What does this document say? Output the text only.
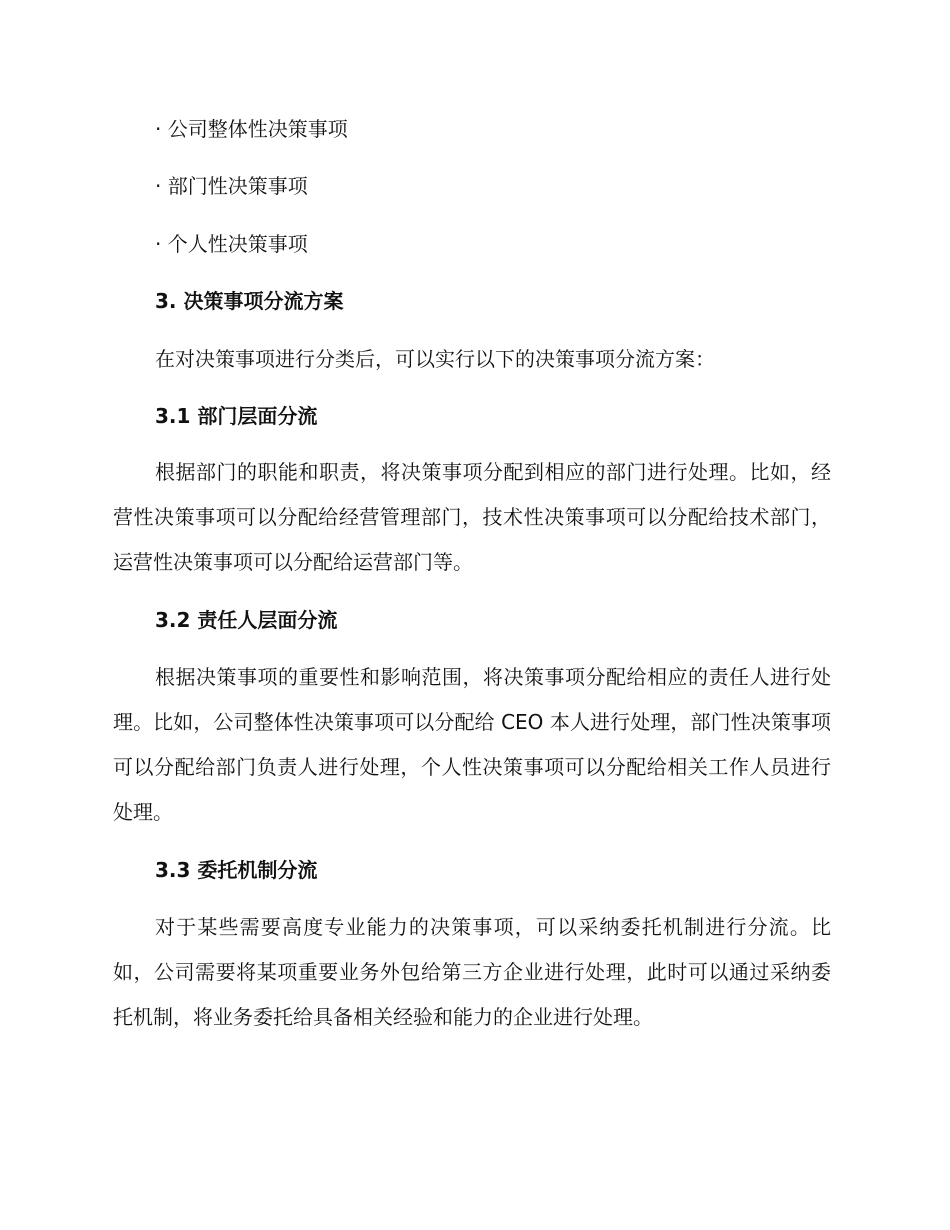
· 公司整体性决策事项
· 部门性决策事项
· 个人性决策事项
3. 决策事项分流方案
在对决策事项进行分类后，可以实行以下的决策事项分流方案：
3.1 部门层面分流
根据部门的职能和职责，将决策事项分配到相应的部门进行处理。比如，经营性决策事项可以分配给经营管理部门，技术性决策事项可以分配给技术部门，运营性决策事项可以分配给运营部门等。
3.2 责任人层面分流
根据决策事项的重要性和影响范围，将决策事项分配给相应的责任人进行处理。比如，公司整体性决策事项可以分配给 CEO 本人进行处理，部门性决策事项可以分配给部门负责人进行处理，个人性决策事项可以分配给相关工作人员进行处理。
3.3 委托机制分流
对于某些需要高度专业能力的决策事项，可以采纳委托机制进行分流。比如，公司需要将某项重要业务外包给第三方企业进行处理，此时可以通过采纳委托机制，将业务委托给具备相关经验和能力的企业进行处理。
